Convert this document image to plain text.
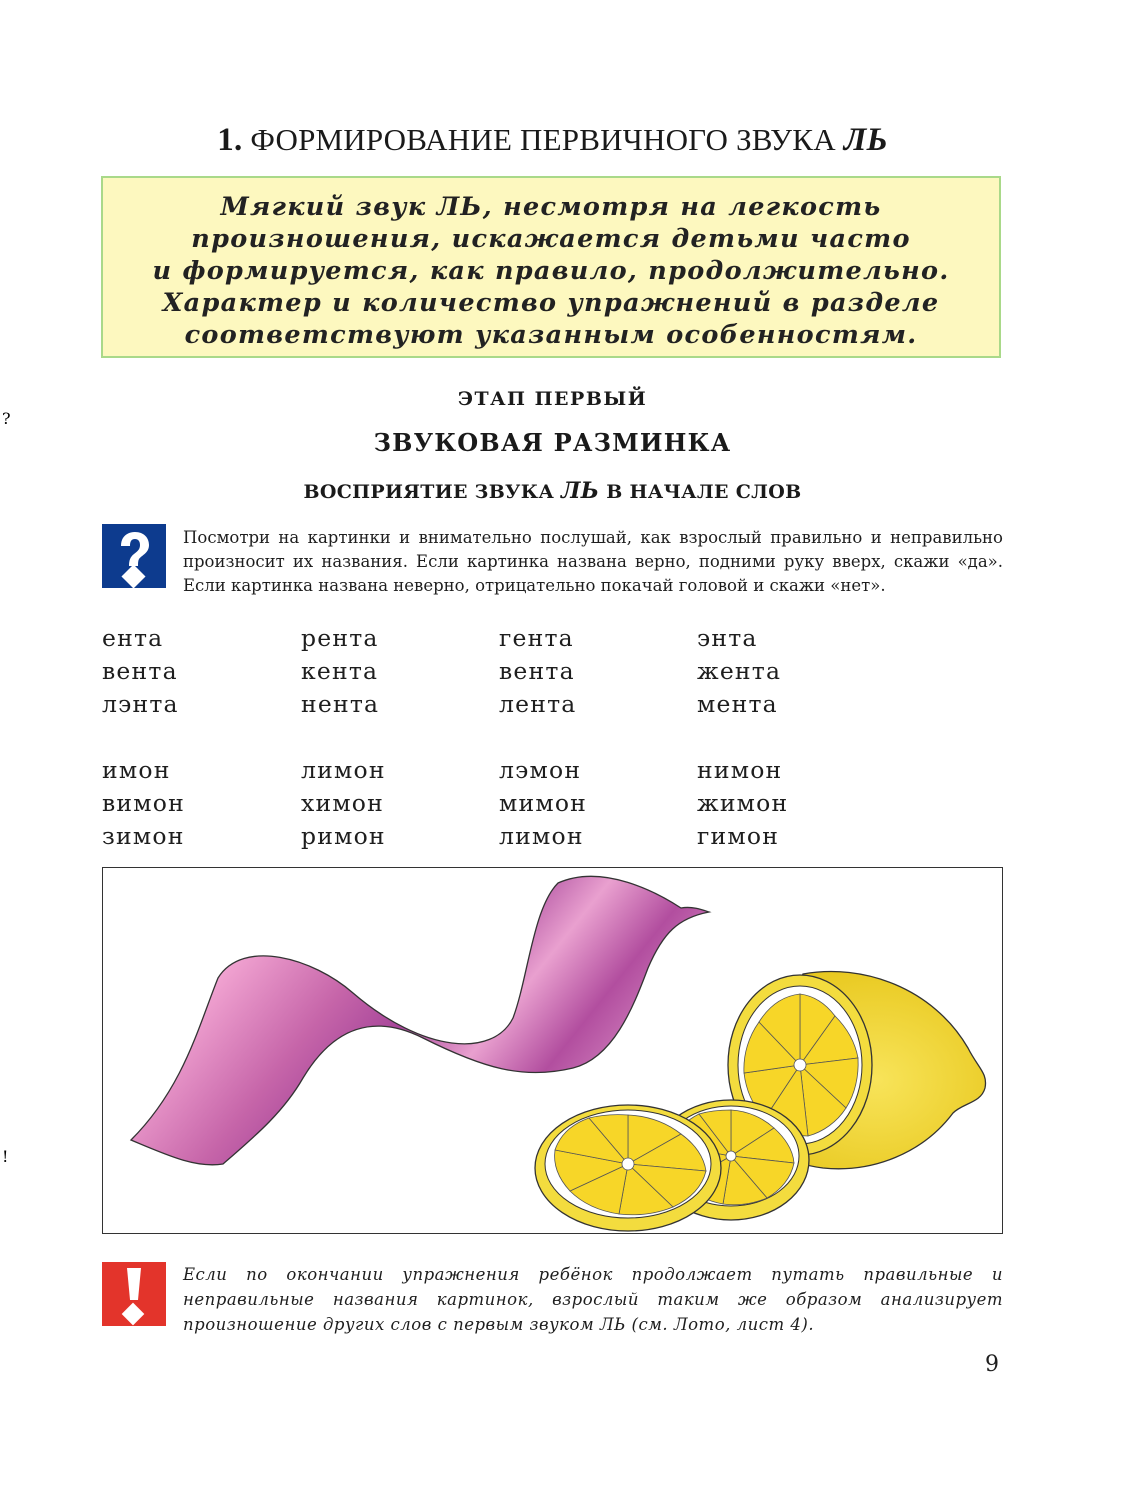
1. ФОРМИРОВАНИЕ ПЕРВИЧНОГО ЗВУКА ЛЬ
Мягкий звук ЛЬ, несмотря на легкость
произношения, искажается детьми часто
и формируется, как правило, продолжительно.
Характер и количество упражнений в разделе
соответствуют указанным особенностям.
ЭТАП ПЕРВЫЙ
ЗВУКОВАЯ РАЗМИНКА
ВОСПРИЯТИЕ ЗВУКА ЛЬ В НАЧАЛЕ СЛОВ
?
Посмотри на картинки и внимательно послушай, как взрослый правильно и неправильно произносит их названия. Если картинка названа верно, подними руку вверх, скажи «да». Если картинка названа неверно, отрицательно покачай головой и скажи «нет».
ента	рента	гента	энта
вента	кента	вента	жента
лэнта	нента	лента	мента
имон	лимон	лэмон	нимон
вимон	химон	мимон	жимон
зимон	римон	лимон	гимон
!
Если по окончании упражнения ребёнок продолжает путать правильные и неправильные названия картинок, взрослый таким же образом анализирует произношение других слов с первым звуком ЛЬ (см. Лото, лист 4).
9
